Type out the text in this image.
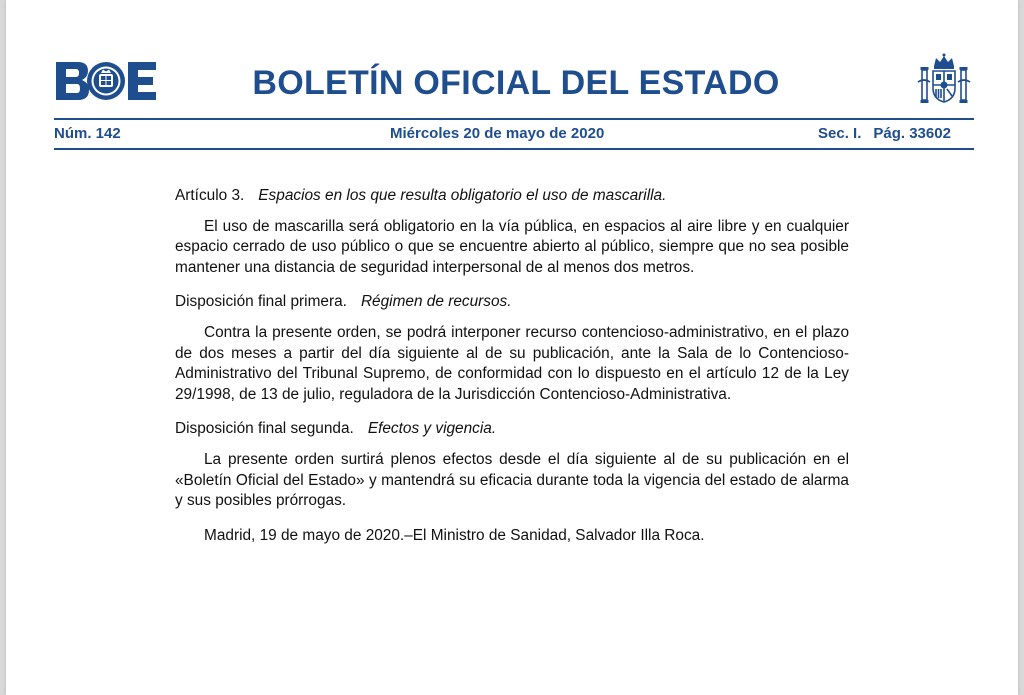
BOLETÍN OFICIAL DEL ESTADO
Núm. 142	Miércoles 20 de mayo de 2020	Sec. I. Pág. 33602

Artículo 3. Espacios en los que resulta obligatorio el uso de mascarilla.

El uso de mascarilla será obligatorio en la vía pública, en espacios al aire libre y en cualquier espacio cerrado de uso público o que se encuentre abierto al público, siempre que no sea posible mantener una distancia de seguridad interpersonal de al menos dos metros.

Disposición final primera. Régimen de recursos.

Contra la presente orden, se podrá interponer recurso contencioso-administrativo, en el plazo de dos meses a partir del día siguiente al de su publicación, ante la Sala de lo Contencioso-Administrativo del Tribunal Supremo, de conformidad con lo dispuesto en el artículo 12 de la Ley 29/1998, de 13 de julio, reguladora de la Jurisdicción Contencioso-Administrativa.

Disposición final segunda. Efectos y vigencia.

La presente orden surtirá plenos efectos desde el día siguiente al de su publicación en el «Boletín Oficial del Estado» y mantendrá su eficacia durante toda la vigencia del estado de alarma y sus posibles prórrogas.

Madrid, 19 de mayo de 2020.–El Ministro de Sanidad, Salvador Illa Roca.
